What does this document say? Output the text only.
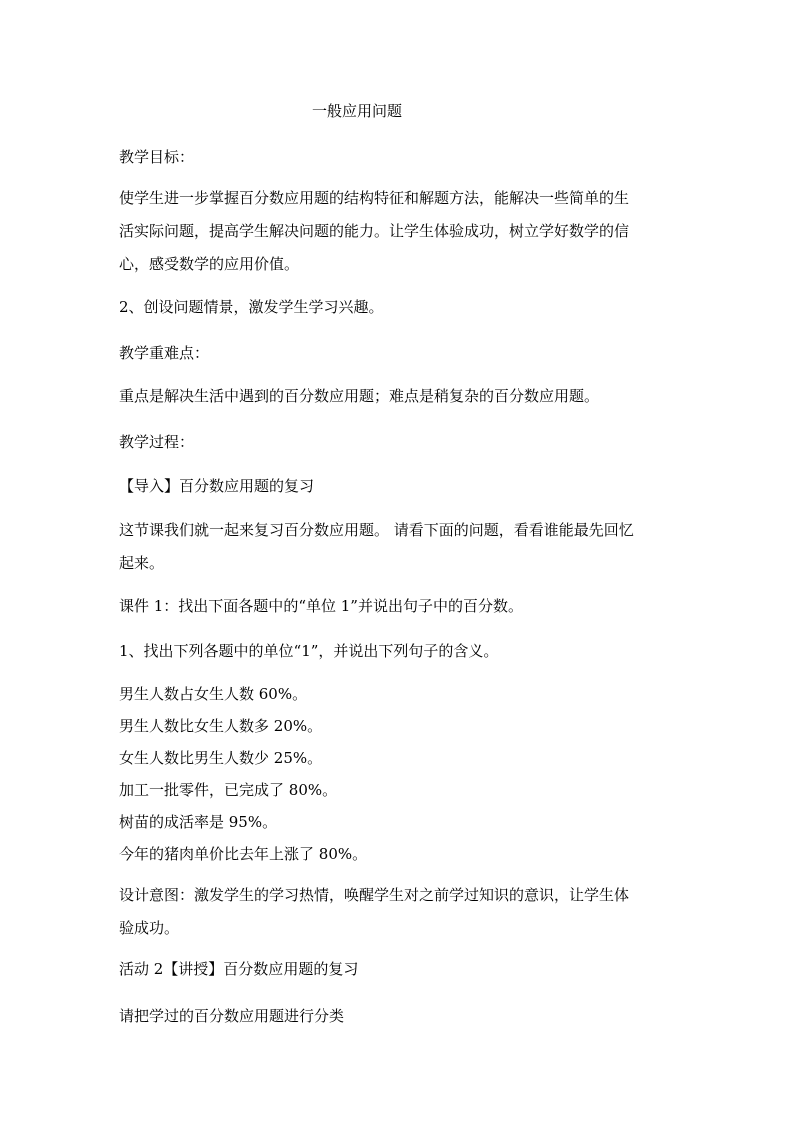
一般应用问题
教学目标：
使学生进一步掌握百分数应用题的结构特征和解题方法，能解决一些简单的生
活实际问题，提高学生解决问题的能力。让学生体验成功，树立学好数学的信
心，感受数学的应用价值。
2、创设问题情景，激发学生学习兴趣。
教学重难点：
重点是解决生活中遇到的百分数应用题；难点是稍复杂的百分数应用题。
教学过程：
【导入】百分数应用题的复习
这节课我们就一起来复习百分数应用题。 请看下面的问题，看看谁能最先回忆
起来。
课件 1：找出下面各题中的“单位 1”并说出句子中的百分数。
1、找出下列各题中的单位“1”，并说出下列句子的含义。
男生人数占女生人数 60%。
男生人数比女生人数多 20%。
女生人数比男生人数少 25%。
加工一批零件，已完成了 80%。
树苗的成活率是 95%。
今年的猪肉单价比去年上涨了 80%。
设计意图：激发学生的学习热情，唤醒学生对之前学过知识的意识，让学生体
验成功。
活动 2【讲授】百分数应用题的复习
请把学过的百分数应用题进行分类
